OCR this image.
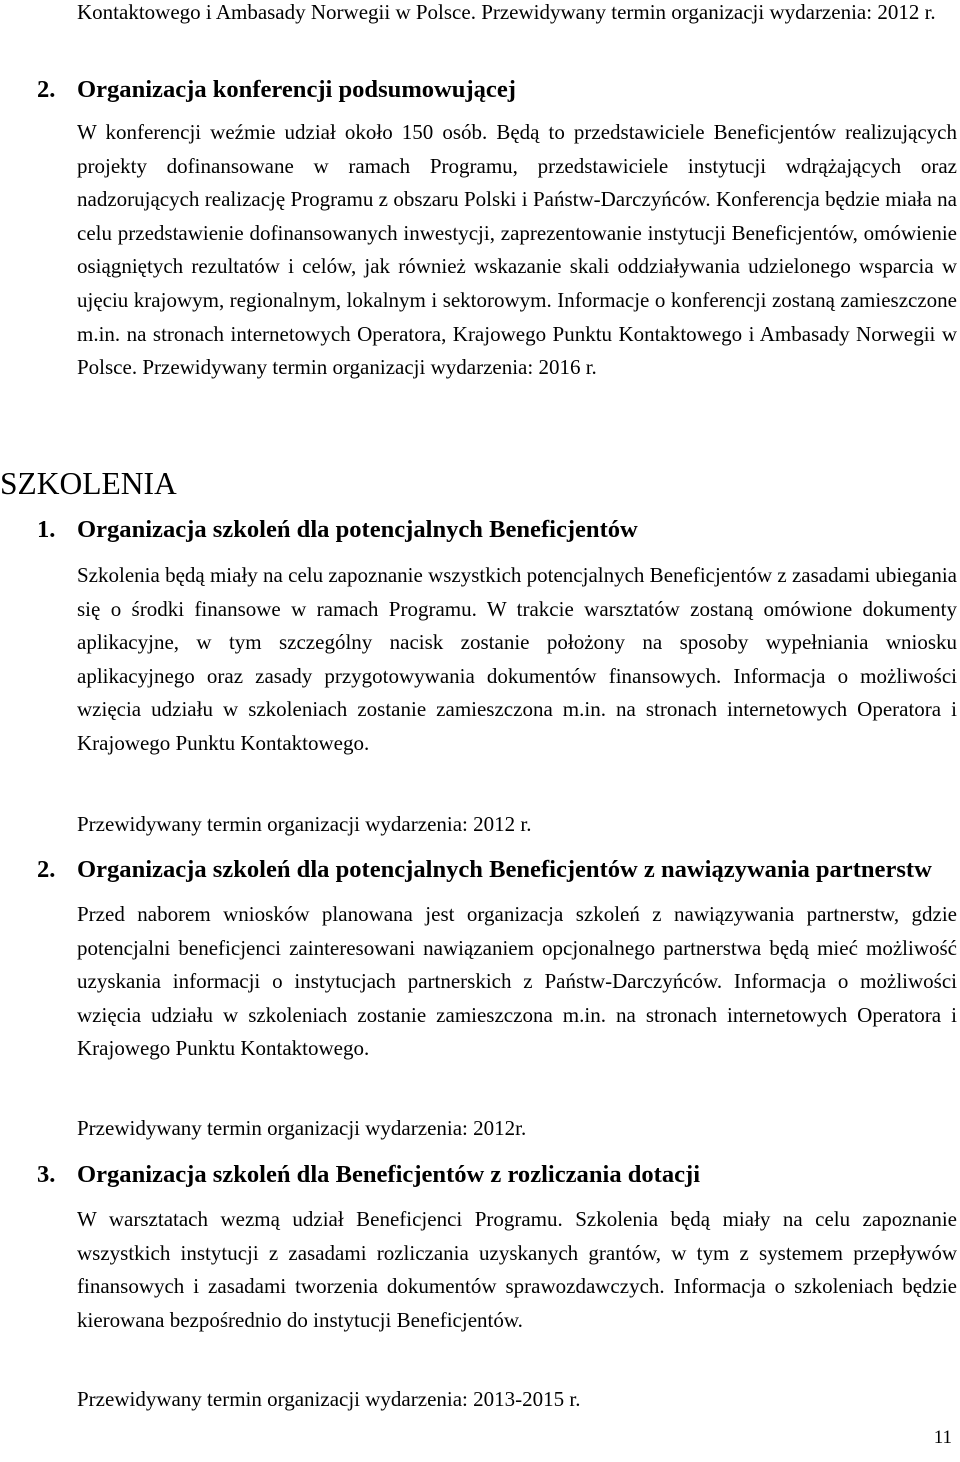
Kontaktowego i Ambasady Norwegii w Polsce. Przewidywany termin organizacji wydarzenia: 2012 r.

2. Organizacja konferencji podsumowującej

W konferencji weźmie udział około 150 osób. Będą to przedstawiciele Beneficjentów realizujących projekty dofinansowane w ramach Programu, przedstawiciele instytucji wdrążających oraz nadzorujących realizację Programu z obszaru Polski i Państw-Darczyńców. Konferencja będzie miała na celu przedstawienie dofinansowanych inwestycji, zaprezentowanie instytucji Beneficjentów, omówienie osiągniętych rezultatów i celów, jak również wskazanie skali oddziaływania udzielonego wsparcia w ujęciu krajowym, regionalnym, lokalnym i sektorowym. Informacje o konferencji zostaną zamieszczone m.in. na stronach internetowych Operatora, Krajowego Punktu Kontaktowego i Ambasady Norwegii w Polsce. Przewidywany termin organizacji wydarzenia: 2016 r.

SZKOLENIA
1. Organizacja szkoleń dla potencjalnych Beneficjentów

Szkolenia będą miały na celu zapoznanie wszystkich potencjalnych Beneficjentów z zasadami ubiegania się o środki finansowe w ramach Programu. W trakcie warsztatów zostaną omówione dokumenty aplikacyjne, w tym szczególny nacisk zostanie położony na sposoby wypełniania wniosku aplikacyjnego oraz zasady przygotowywania dokumentów finansowych. Informacja o możliwości wzięcia udziału w szkoleniach zostanie zamieszczona m.in. na stronach internetowych Operatora i Krajowego Punktu Kontaktowego.

Przewidywany termin organizacji wydarzenia: 2012 r.

2. Organizacja szkoleń dla potencjalnych Beneficjentów z nawiązywania partnerstw

Przed naborem wniosków planowana jest organizacja szkoleń z nawiązywania partnerstw, gdzie potencjalni beneficjenci zainteresowani nawiązaniem opcjonalnego partnerstwa będą mieć możliwość uzyskania informacji o instytucjach partnerskich z Państw-Darczyńców. Informacja o możliwości wzięcia udziału w szkoleniach zostanie zamieszczona m.in. na stronach internetowych Operatora i Krajowego Punktu Kontaktowego.

Przewidywany termin organizacji wydarzenia: 2012r.

3. Organizacja szkoleń dla Beneficjentów z rozliczania dotacji

W warsztatach wezmą udział Beneficjenci Programu. Szkolenia będą miały na celu zapoznanie wszystkich instytucji z zasadami rozliczania uzyskanych grantów, w tym z systemem przepływów finansowych i zasadami tworzenia dokumentów sprawozdawczych. Informacja o szkoleniach będzie kierowana bezpośrednio do instytucji Beneficjentów.

Przewidywany termin organizacji wydarzenia: 2013-2015 r.

11
